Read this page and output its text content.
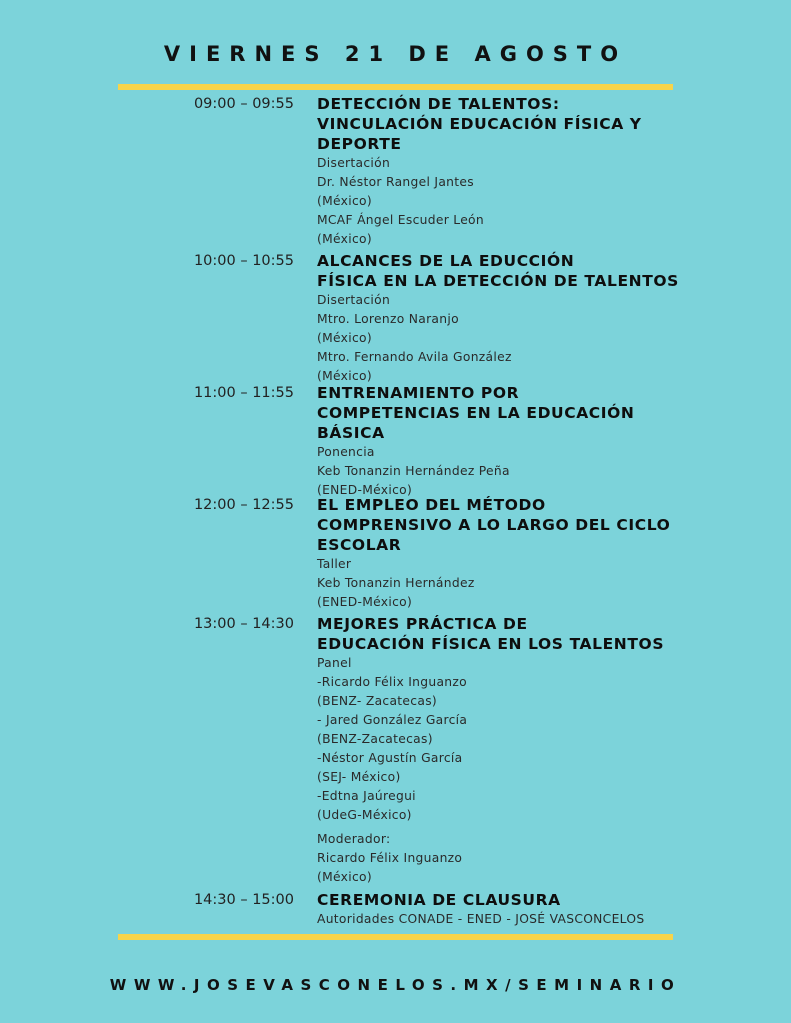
VIERNES 21 DE AGOSTO
09:00 – 09:55 DETECCIÓN DE TALENTOS:
VINCULACIÓN EDUCACIÓN FÍSICA Y
DEPORTE
Disertación
Dr. Néstor Rangel Jantes
(México)
MCAF Ángel Escuder León
(México)
10:00 – 10:55 ALCANCES DE LA EDUCCIÓN
FÍSICA EN LA DETECCIÓN DE TALENTOS
Disertación
Mtro. Lorenzo Naranjo
(México)
Mtro. Fernando Avila González
(México)
11:00 – 11:55 ENTRENAMIENTO POR
COMPETENCIAS EN LA EDUCACIÓN
BÁSICA
Ponencia
Keb Tonanzin Hernández Peña
(ENED-México)
12:00 – 12:55 EL EMPLEO DEL MÉTODO
COMPRENSIVO A LO LARGO DEL CICLO
ESCOLAR
Taller
Keb Tonanzin Hernández
(ENED-México)
13:00 – 14:30 MEJORES PRÁCTICA DE
EDUCACIÓN FÍSICA EN LOS TALENTOS
Panel
-Ricardo Félix Inguanzo
(BENZ- Zacatecas)
- Jared González García
(BENZ-Zacatecas)
-Néstor Agustín García
(SEJ- México)
-Edtna Jaúregui
(UdeG-México)
Moderador:
Ricardo Félix Inguanzo
(México)
14:30 – 15:00 CEREMONIA DE CLAUSURA
Autoridades CONADE - ENED - JOSÉ VASCONCELOS
WWW.JOSEVASCONELOS.MX/SEMINARIO
